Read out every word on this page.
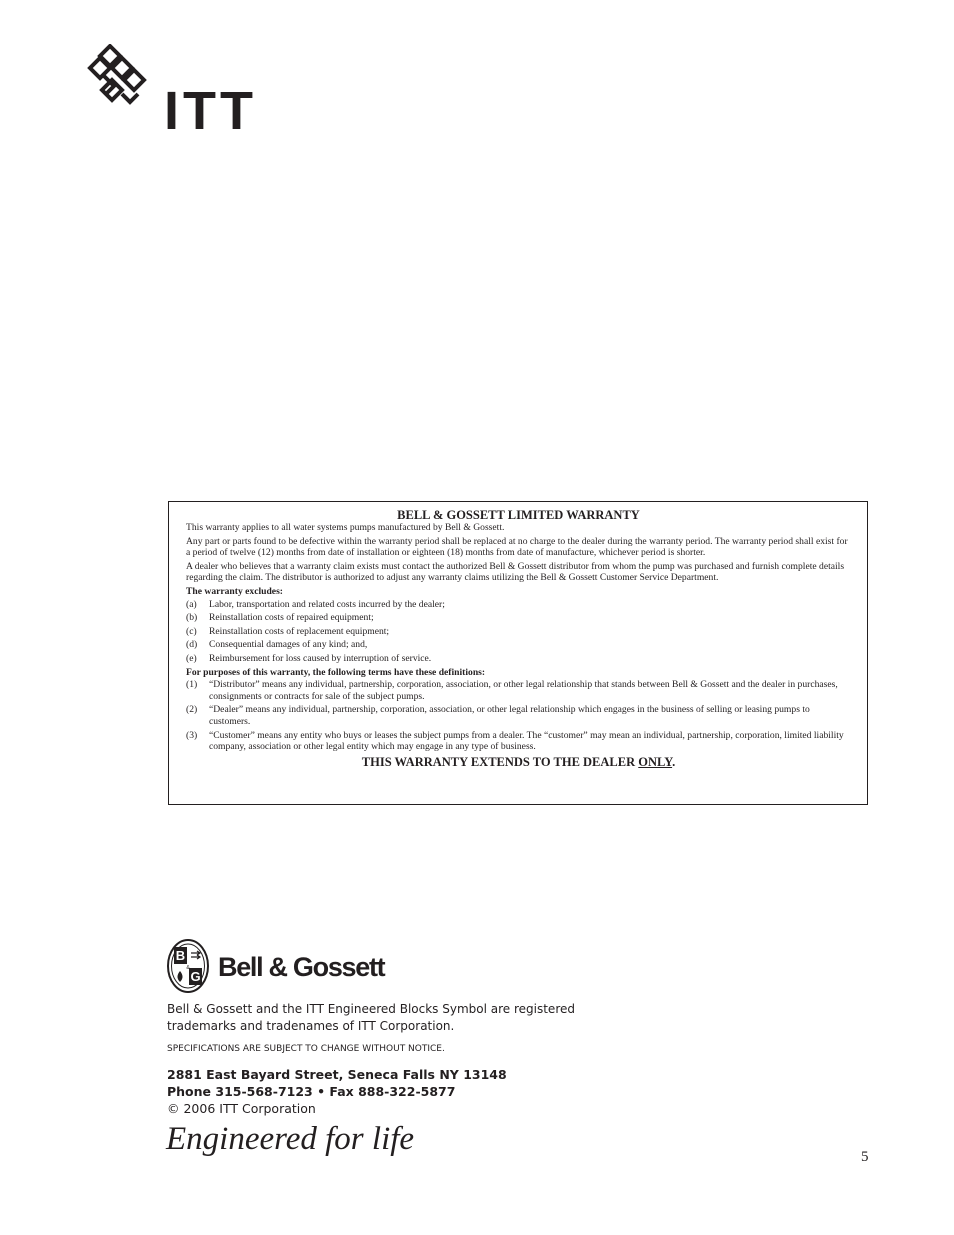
ITT
BELL & GOSSETT LIMITED WARRANTY

This warranty applies to all water systems pumps manufactured by Bell & Gossett.

Any part or parts found to be defective within the warranty period shall be replaced at no charge to the dealer during the warranty period. The warranty period shall exist for a period of twelve (12) months from date of installation or eighteen (18) months from date of manufacture, whichever period is shorter.

A dealer who believes that a warranty claim exists must contact the authorized Bell & Gossett distributor from whom the pump was purchased and furnish complete details regarding the claim. The distributor is authorized to adjust any warranty claims utilizing the Bell & Gossett Customer Service Department.

The warranty excludes:
(a)	Labor, transportation and related costs incurred by the dealer;
(b)	Reinstallation costs of repaired equipment;
(c)	Reinstallation costs of replacement equipment;
(d)	Consequential damages of any kind; and,
(e)	Reimbursement for loss caused by interruption of service.
For purposes of this warranty, the following terms have these definitions:
(1)	“Distributor” means any individual, partnership, corporation, association, or other legal relationship that stands between Bell & Gossett and the dealer in purchases, consignments or contracts for sale of the subject pumps.
(2)	“Dealer” means any individual, partnership, corporation, association, or other legal relationship which engages in the business of selling or leasing pumps to customers.
(3)	“Customer” means any entity who buys or leases the subject pumps from a dealer. The “customer” may mean an individual, partnership, corporation, limited liability company, association or other legal entity which may engage in any type of business.
THIS WARRANTY EXTENDS TO THE DEALER ONLY.
B
G
& Bell & Gossett
Bell & Gossett and the ITT Engineered Blocks Symbol are registered trademarks and tradenames of ITT Corporation.
SPECIFICATIONS ARE SUBJECT TO CHANGE WITHOUT NOTICE.
2881 East Bayard Street, Seneca Falls NY 13148
Phone 315-568-7123 • Fax 888-322-5877
© 2006 ITT Corporation
Engineered for life	5
